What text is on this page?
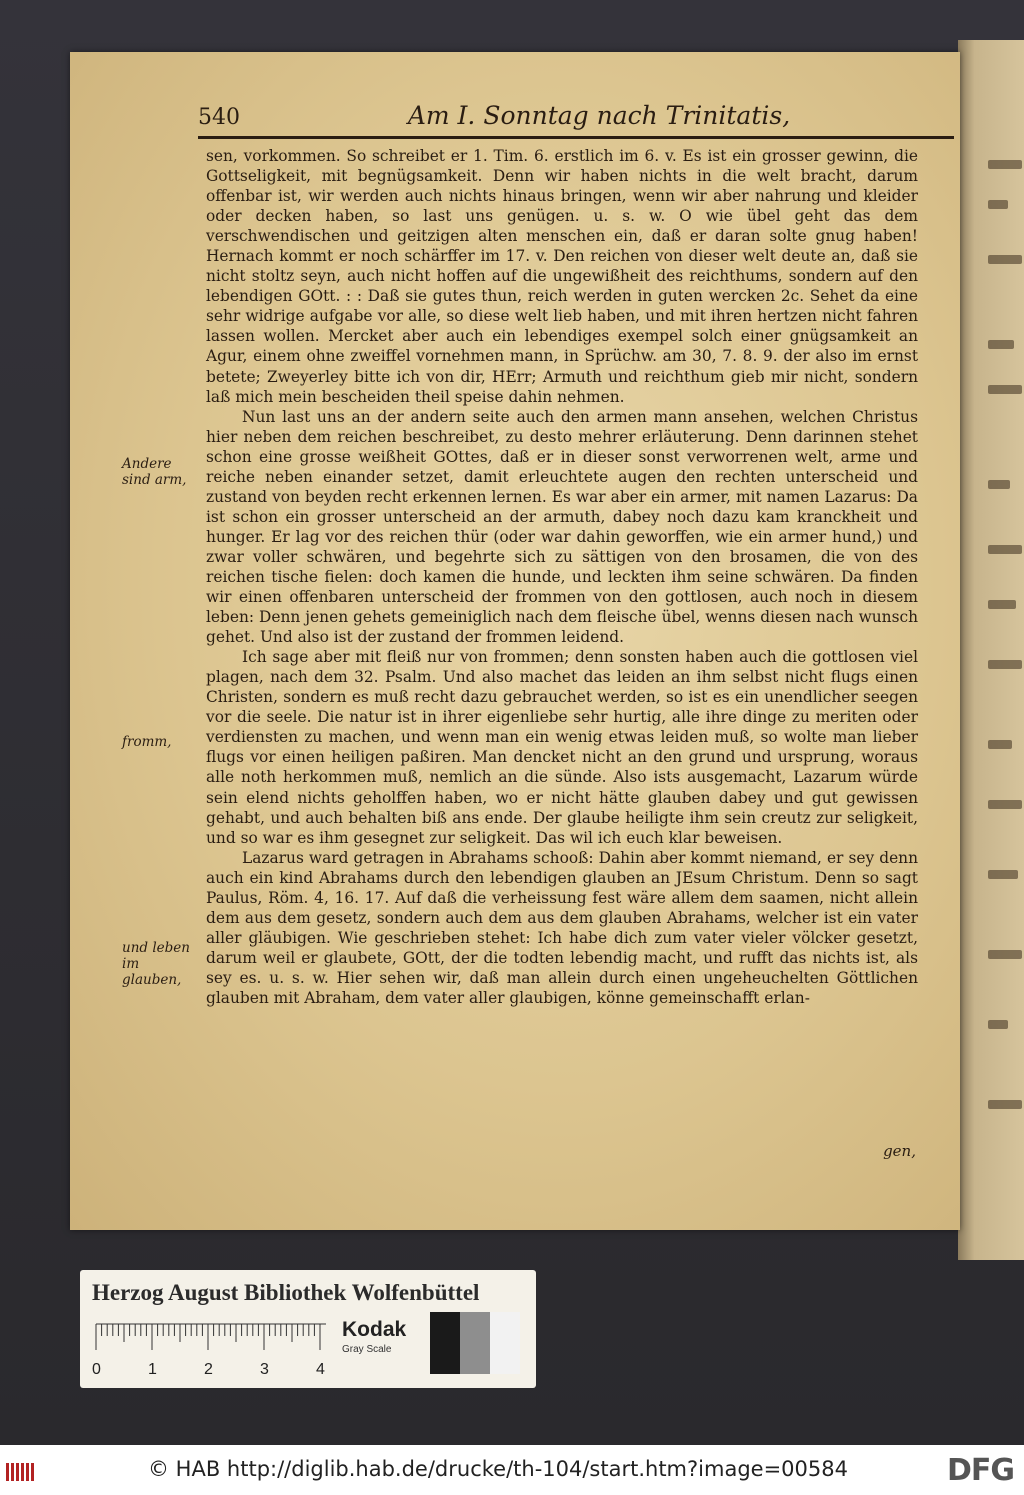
540	Am I. Sonntag nach Trinitatis,
Andere sind arm,
fromm,
und leben im glauben,

sen, vorkommen. So schreibet er 1. Tim. 6. erstlich im 6. v. Es ist ein grosser gewinn, die Gottseligkeit, mit begnügsamkeit. Denn wir haben nichts in die welt bracht, darum offenbar ist, wir werden auch nichts hinaus bringen, wenn wir aber nahrung und kleider oder decken haben, so last uns genügen. u. s. w. O wie übel geht das dem verschwendischen und geitzigen alten menschen ein, daß er daran solte gnug haben! Hernach kommt er noch schärffer im 17. v. Den reichen von dieser welt deute an, daß sie nicht stoltz seyn, auch nicht hoffen auf die ungewißheit des reichthums, sondern auf den lebendigen GOtt. : : Daß sie gutes thun, reich werden in guten wercken 2c. Sehet da eine sehr widrige aufgabe vor alle, so diese welt lieb haben, und mit ihren hertzen nicht fahren lassen wollen. Mercket aber auch ein lebendiges exempel solch einer gnügsamkeit an Agur, einem ohne zweiffel vornehmen mann, in Sprüchw. am 30, 7. 8. 9. der also im ernst betete; Zweyerley bitte ich von dir, HErr; Armuth und reichthum gieb mir nicht, sondern laß mich mein bescheiden theil speise dahin nehmen.

Nun last uns an der andern seite auch den armen mann ansehen, welchen Christus hier neben dem reichen beschreibet, zu desto mehrer erläuterung. Denn darinnen stehet schon eine grosse weißheit GOttes, daß er in dieser sonst verworrenen welt, arme und reiche neben einander setzet, damit erleuchtete augen den rechten unterscheid und zustand von beyden recht erkennen lernen. Es war aber ein armer, mit namen Lazarus: Da ist schon ein grosser unterscheid an der armuth, dabey noch dazu kam kranckheit und hunger. Er lag vor des reichen thür (oder war dahin geworffen, wie ein armer hund,) und zwar voller schwären, und begehrte sich zu sättigen von den brosamen, die von des reichen tische fielen: doch kamen die hunde, und leckten ihm seine schwären. Da finden wir einen offenbaren unterscheid der frommen von den gottlosen, auch noch in diesem leben: Denn jenen gehets gemeiniglich nach dem fleische übel, wenns diesen nach wunsch gehet. Und also ist der zustand der frommen leidend.

Ich sage aber mit fleiß nur von frommen; denn sonsten haben auch die gottlosen viel plagen, nach dem 32. Psalm. Und also machet das leiden an ihm selbst nicht flugs einen Christen, sondern es muß recht dazu gebrauchet werden, so ist es ein unendlicher seegen vor die seele. Die natur ist in ihrer eigenliebe sehr hurtig, alle ihre dinge zu meriten oder verdiensten zu machen, und wenn man ein wenig etwas leiden muß, so wolte man lieber flugs vor einen heiligen paßiren. Man dencket nicht an den grund und ursprung, woraus alle noth herkommen muß, nemlich an die sünde. Also ists ausgemacht, Lazarum würde sein elend nichts geholffen haben, wo er nicht hätte glauben dabey und gut gewissen gehabt, und auch behalten biß ans ende. Der glaube heiligte ihm sein creutz zur seligkeit, und so war es ihm gesegnet zur seligkeit. Das wil ich euch klar beweisen.

Lazarus ward getragen in Abrahams schooß: Dahin aber kommt niemand, er sey denn auch ein kind Abrahams durch den lebendigen glauben an JEsum Christum. Denn so sagt Paulus, Röm. 4, 16. 17. Auf daß die verheissung fest wäre allem dem saamen, nicht allein dem aus dem gesetz, sondern auch dem aus dem glauben Abrahams, welcher ist ein vater aller gläubigen. Wie geschrieben stehet: Ich habe dich zum vater vieler völcker gesetzt, darum weil er glaubete, GOtt, der die todten lebendig macht, und rufft das nichts ist, als sey es. u. s. w. Hier sehen wir, daß man allein durch einen ungeheuchelten Göttlichen glauben mit Abraham, dem vater aller glaubigen, könne gemeinschafft erlan-

gen,
Herzog August Bibliothek Wolfenbüttel
0	1	2	3	4
Kodak
Gray Scale
© HAB http://diglib.hab.de/drucke/th-104/start.htm?image=00584	DFG
